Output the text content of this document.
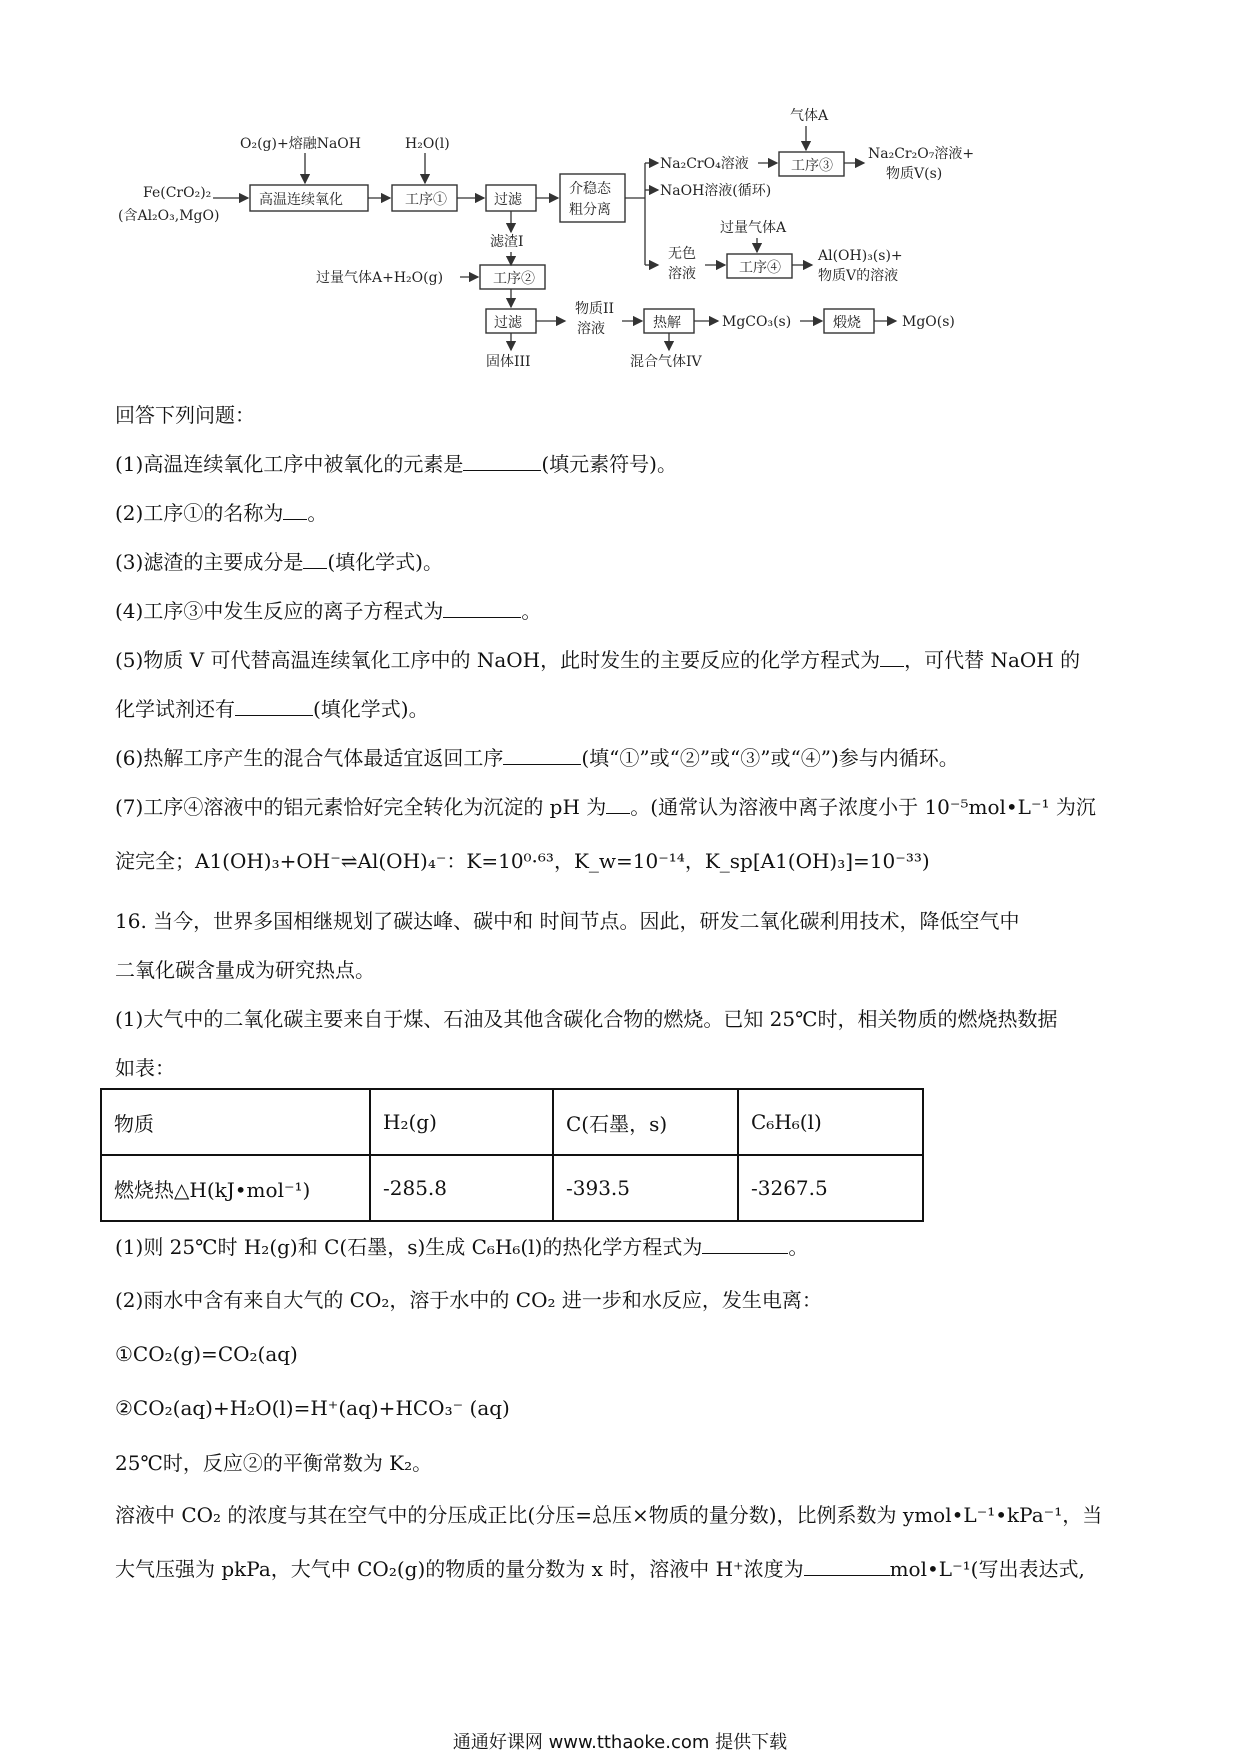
Fe(CrO₂)₂
(含Al₂O₃,MgO)
O₂(g)+熔融NaOH
高温连续氧化
H₂O(l)
工序①	过滤
滤渣I
介稳态
粗分离
Na₂CrO₄溶液
NaOH溶液(循环)
气体A
工序③
Na₂Cr₂O₇溶液+
物质V(s)
无色
溶液
过量气体A
工序④
Al(OH)₃(s)+
物质V的溶液
过量气体A+H₂O(g)	工序②
过滤
固体III
物质II
溶液	热解
混合气体IV
MgCO₃(s)	煅烧	MgO(s)
回答下列问题：
(1)高温连续氧化工序中被氧化的元素是	(填元素符号)。
(2)工序①的名称为 。
(3)滤渣的主要成分是 (填化学式)。
(4)工序③中发生反应的离子方程式为	。
(5)物质 V 可代替高温连续氧化工序中的 NaOH，此时发生的主要反应的化学方程式为 ，可代替 NaOH 的
化学试剂还有	(填化学式)。
(6)热解工序产生的混合气体最适宜返回工序	(填“①”或“②”或“③”或“④”)参与内循环。
(7)工序④溶液中的铝元素恰好完全转化为沉淀的 pH 为 。(通常认为溶液中离子浓度小于 10⁻⁵mol•L⁻¹ 为沉
淀完全；A1(OH)₃+OH⁻⇌Al(OH)₄⁻：K=10⁰·⁶³，K_w=10⁻¹⁴，K_sp[A1(OH)₃]=10⁻³³)
16. 当今，世界多国相继规划了碳达峰、碳中和 时间节点。因此，研发二氧化碳利用技术，降低空气中
二氧化碳含量成为研究热点。
(1)大气中的二氧化碳主要来自于煤、石油及其他含碳化合物的燃烧。已知 25℃时，相关物质的燃烧热数据
如表：
物质	H₂(g)	C(石墨，s)	C₆H₆(l)
燃烧热△H(kJ•mol⁻¹)	-285.8	-393.5	-3267.5
(1)则 25℃时 H₂(g)和 C(石墨，s)生成 C₆H₆(l)的热化学方程式为	。
(2)雨水中含有来自大气的 CO₂，溶于水中的 CO₂ 进一步和水反应，发生电离：
①CO₂(g)=CO₂(aq)
②CO₂(aq)+H₂O(l)=H⁺(aq)+HCO₃⁻ (aq)
25℃时，反应②的平衡常数为 K₂。
溶液中 CO₂ 的浓度与其在空气中的分压成正比(分压=总压×物质的量分数)，比例系数为 ymol•L⁻¹•kPa⁻¹，当
大气压强为 pkPa，大气中 CO₂(g)的物质的量分数为 x 时，溶液中 H⁺浓度为	mol•L⁻¹(写出表达式,
通通好课网 www.tthaoke.com 提供下载
